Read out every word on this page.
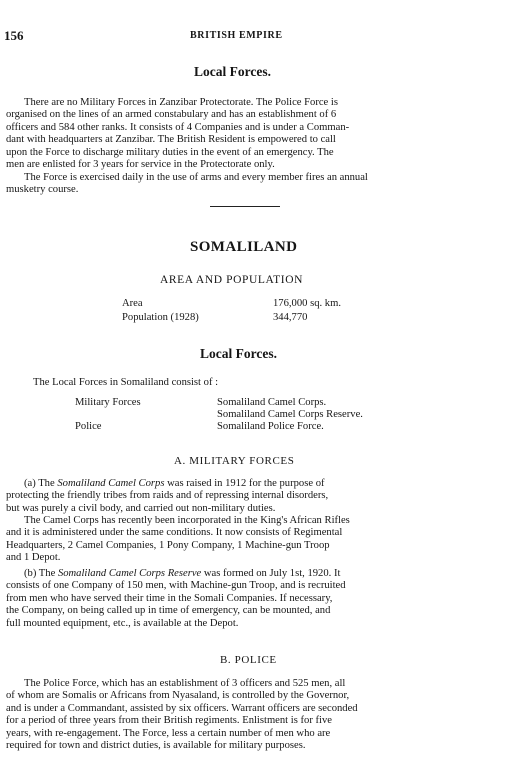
156	BRITISH EMPIRE
Local Forces.
There are no Military Forces in Zanzibar Protectorate. The Police Force is
organised on the lines of an armed constabulary and has an establishment of 6
officers and 584 other ranks. It consists of 4 Companies and is under a Comman-
dant with headquarters at Zanzibar. The British Resident is empowered to call
upon the Force to discharge military duties in the event of an emergency. The
men are enlisted for 3 years for service in the Protectorate only.
The Force is exercised daily in the use of arms and every member fires an annual
musketry course.
SOMALILAND
AREA AND POPULATION
Area	176,000 sq. km.
Population (1928)	344,770
Local Forces.
The Local Forces in Somaliland consist of :
Military Forces	Somaliland Camel Corps.
Somaliland Camel Corps Reserve.
Police	Somaliland Police Force.
A. MILITARY FORCES
(a) The Somaliland Camel Corps was raised in 1912 for the purpose of
protecting the friendly tribes from raids and of repressing internal disorders,
but was purely a civil body, and carried out non-military duties.
The Camel Corps has recently been incorporated in the King's African Rifles
and it is administered under the same conditions. It now consists of Regimental
Headquarters, 2 Camel Companies, 1 Pony Company, 1 Machine-gun Troop
and 1 Depot.
(b) The Somaliland Camel Corps Reserve was formed on July 1st, 1920. It
consists of one Company of 150 men, with Machine-gun Troop, and is recruited
from men who have served their time in the Somali Companies. If necessary,
the Company, on being called up in time of emergency, can be mounted, and
full mounted equipment, etc., is available at the Depot.
B. POLICE
The Police Force, which has an establishment of 3 officers and 525 men, all
of whom are Somalis or Africans from Nyasaland, is controlled by the Governor,
and is under a Commandant, assisted by six officers. Warrant officers are seconded
for a period of three years from their British regiments. Enlistment is for five
years, with re-engagement. The Force, less a certain number of men who are
required for town and district duties, is available for military purposes.
